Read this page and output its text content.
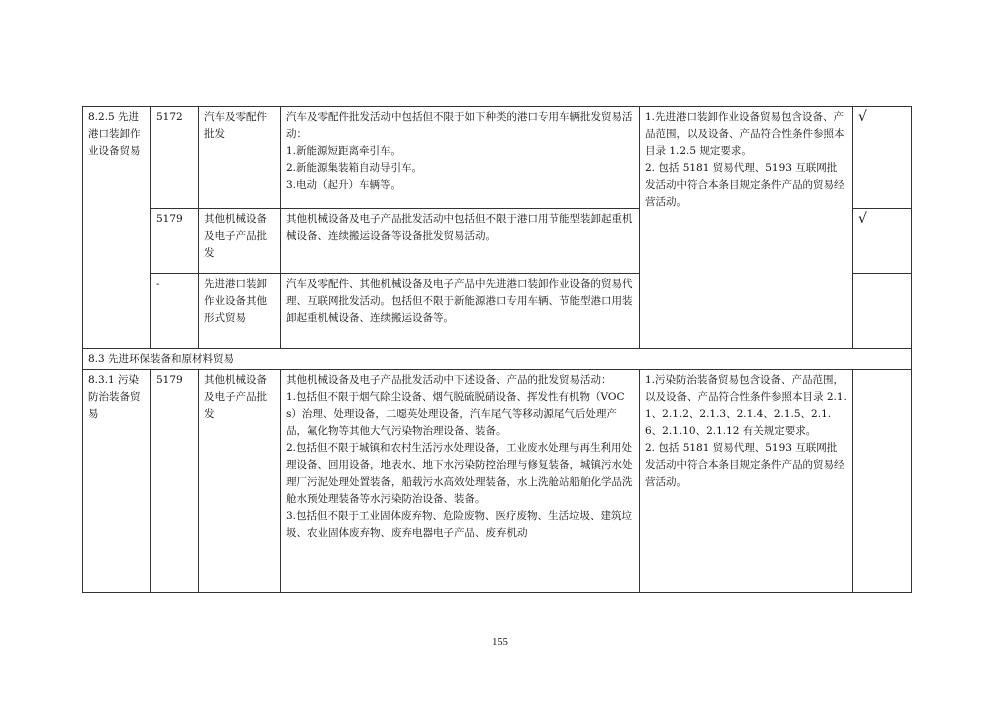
8.2.5 先进港口装卸作业设备贸易	5172	汽车及零配件批发	汽车及零配件批发活动中包括但不限于如下种类的港口专用车辆批发贸易活动：
1.新能源短距离牵引车。
2.新能源集装箱自动导引车。
3.电动（起升）车辆等。	1.先进港口装卸作业设备贸易包含设备、产品范围，以及设备、产品符合性条件参照本目录 1.2.5 规定要求。
2. 包括 5181 贸易代理、5193 互联网批发活动中符合本条目规定条件产品的贸易经营活动。	√
	5179	其他机械设备及电子产品批发	其他机械设备及电子产品批发活动中包括但不限于港口用节能型装卸起重机械设备、连续搬运设备等设备批发贸易活动。		√
	-	先进港口装卸作业设备其他形式贸易	汽车及零配件、其他机械设备及电子产品中先进港口装卸作业设备的贸易代理、互联网批发活动。包括但不限于新能源港口专用车辆、节能型港口用装卸起重机械设备、连续搬运设备等。		
8.3 先进环保装备和原材料贸易					
8.3.1 污染防治装备贸易	5179	其他机械设备及电子产品批发	其他机械设备及电子产品批发活动中下述设备、产品的批发贸易活动：
1.包括但不限于烟气除尘设备、烟气脱硫脱硝设备、挥发性有机物（VOCs）治理、处理设备，二噁英处理设备，汽车尾气等移动源尾气后处理产品，氟化物等其他大气污染物治理设备、装备。
2.包括但不限于城镇和农村生活污水处理设备，工业废水处理与再生利用处理设备、回用设备，地表水、地下水污染防控治理与修复装备，城镇污水处理厂污泥处理处置装备，船载污水高效处理装备，水上洗舱站船舶化学品洗舱水预处理装备等水污染防治设备、装备。
3.包括但不限于工业固体废弃物、危险废物、医疗废物、生活垃圾、建筑垃圾、农业固体废弃物、废弃电器电子产品、废弃机动	1.污染防治装备贸易包含设备、产品范围，以及设备、产品符合性条件参照本目录 2.1.1、2.1.2、2.1.3、2.1.4、2.1.5、2.1.6、2.1.10、2.1.12 有关规定要求。
2. 包括 5181 贸易代理、5193 互联网批发活动中符合本条目规定条件产品的贸易经营活动。	

155
